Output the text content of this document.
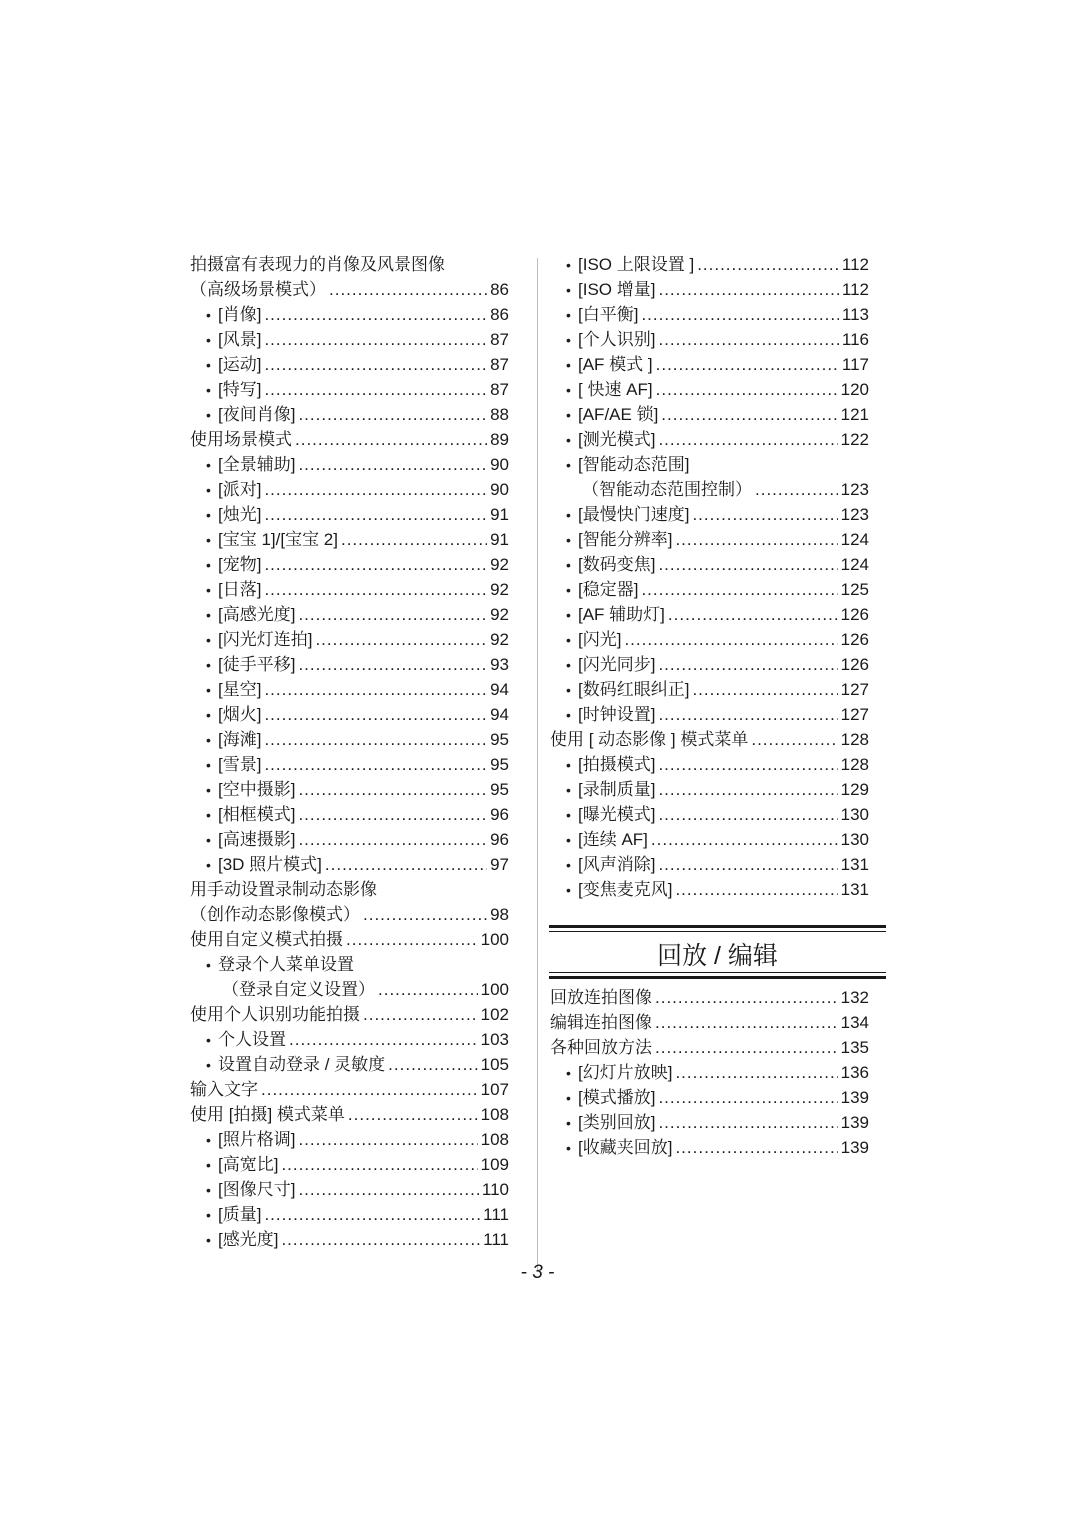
拍摄富有表现力的肖像及风景图像
（高级场景模式） .....	86
• [肖像] .....	86
• [风景] .....	87
• [运动] .....	87
• [特写] .....	87
• [夜间肖像] .....	88
使用场景模式 .....	89
• [全景辅助] .....	90
• [派对] .....	90
• [烛光] .....	91
• [宝宝 1]/[宝宝 2] .....	91
• [宠物] .....	92
• [日落] .....	92
• [高感光度] .....	92
• [闪光灯连拍] .....	92
• [徒手平移] .....	93
• [星空] .....	94
• [烟火] .....	94
• [海滩] .....	95
• [雪景] .....	95
• [空中摄影] .....	95
• [相框模式] .....	96
• [高速摄影] .....	96
• [3D 照片模式] .....	97
用手动设置录制动态影像
（创作动态影像模式） .....	98
使用自定义模式拍摄 .....	100
• 登录个人菜单设置
（登录自定义设置） .....	100
使用个人识别功能拍摄 .....	102
• 个人设置 .....	103
• 设置自动登录 / 灵敏度 .....	105
输入文字 .....	107
使用 [拍摄] 模式菜单 .....	108
• [照片格调] .....	108
• [高宽比] .....	109
• [图像尺寸] .....	110
• [质量] .....	111
• [感光度] .....	111
• [ISO 上限设置 ] .....	112
• [ISO 增量] .....	112
• [白平衡] .....	113
• [个人识别] .....	116
• [AF 模式 ] .....	117
• [ 快速 AF] .....	120
• [AF/AE 锁] .....	121
• [测光模式] .....	122
• [智能动态范围]
（智能动态范围控制） .....	123
• [最慢快门速度] .....	123
• [智能分辨率] .....	124
• [数码变焦] .....	124
• [稳定器] .....	125
• [AF 辅助灯] .....	126
• [闪光] .....	126
• [闪光同步] .....	126
• [数码红眼纠正] .....	127
• [时钟设置] .....	127
使用 [ 动态影像 ] 模式菜单 .....	128
• [拍摄模式] .....	128
• [录制质量] .....	129
• [曝光模式] .....	130
• [连续 AF] .....	130
• [风声消除] .....	131
• [变焦麦克风] .....	131
回放 / 编辑
回放连拍图像 .....	132
编辑连拍图像 .....	134
各种回放方法 .....	135
• [幻灯片放映] .....	136
• [模式播放] .....	139
• [类别回放] .....	139
• [收藏夹回放] .....	139
- 3 -
